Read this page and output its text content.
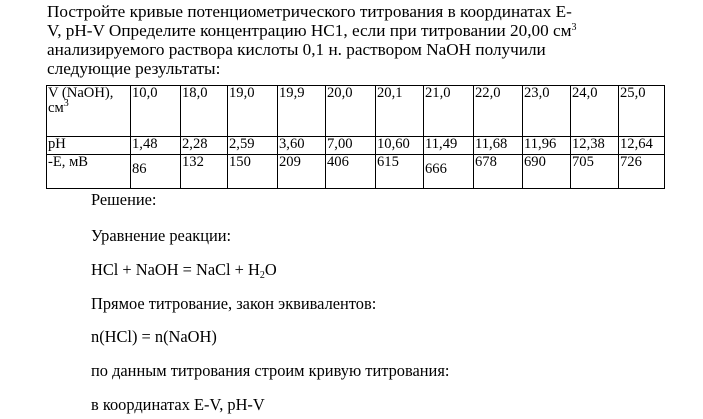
Постройте кривые потенциометрического титрования в координатах E-
V, pH-V Определите концентрацию HC1, если при титровании 20,00 $см^3$
анализируемого раствора кислоты 0,1 н. раствором NaOH получили
следующие результаты:
V (NaOH),
$см^3$	10,0	18,0	19,0	19,9	20,0	20,1	21,0	22,0	23,0	24,0	25,0
pH	1,48	2,28	2,59	3,60	7,00	10,60	11,49	11,68	11,96	12,38	12,64
-E, мВ	86	132	150	209	406	615	666	678	690	705	726
Решение:
Уравнение реакции:
HCl + NaOH = NaCl + $H_2O$
Прямое титрование, закон эквивалентов:
n(HCl) = n(NaOH)
по данным титрования строим кривую титрования:
в координатах E-V, pH-V
